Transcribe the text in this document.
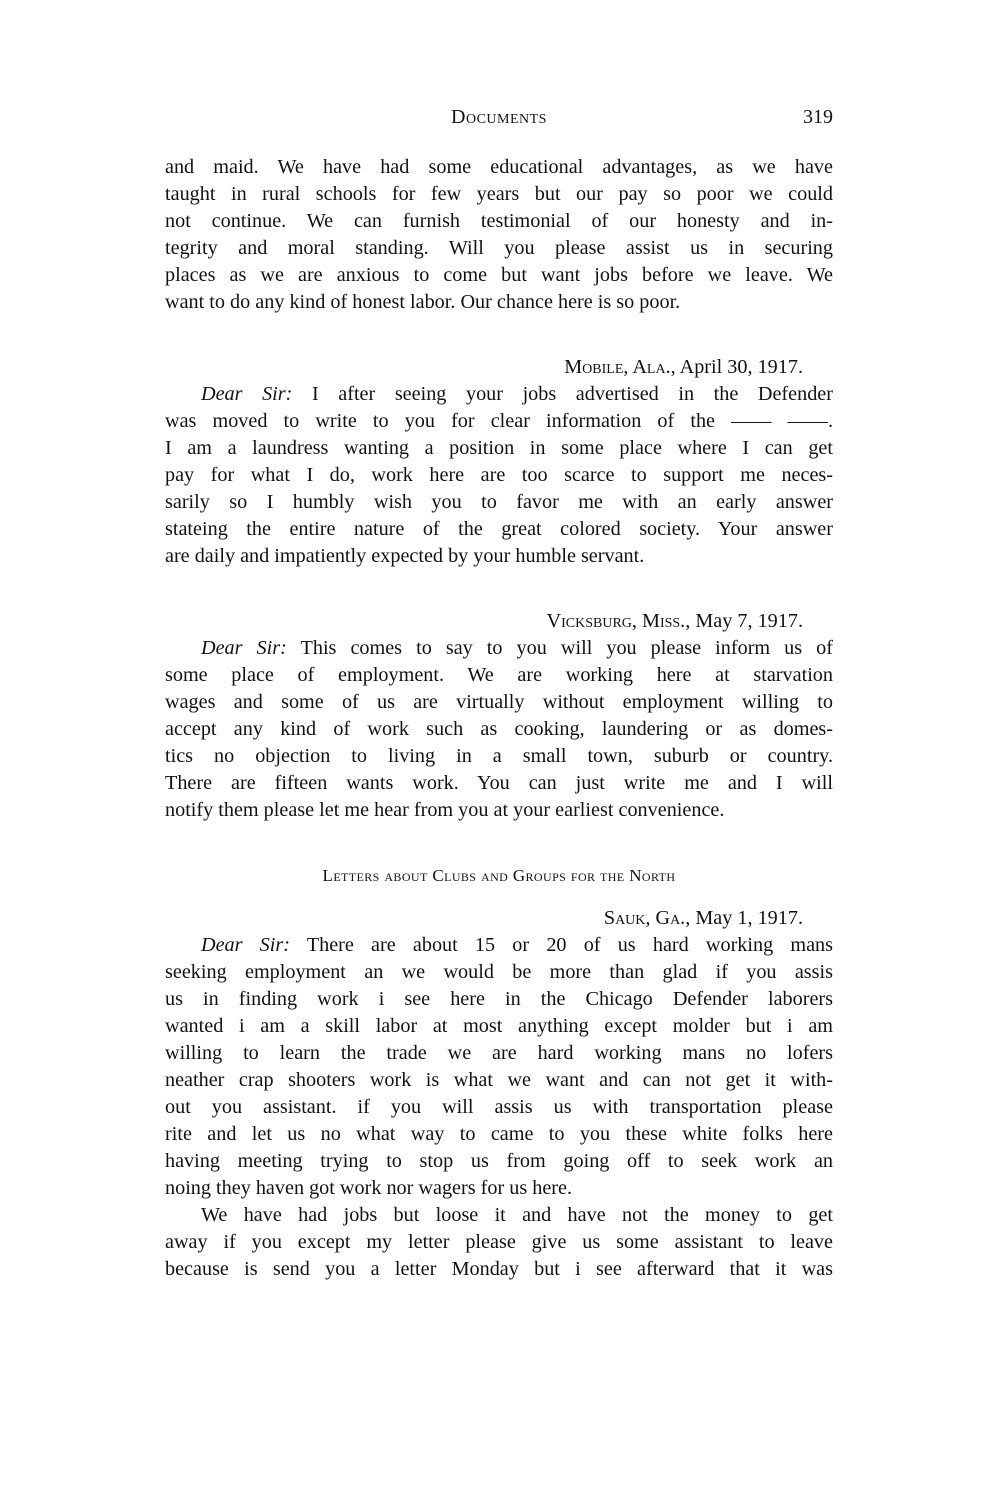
Documents	319
and maid. We have had some educational advantages, as we have
taught in rural schools for few years but our pay so poor we could
not continue. We can furnish testimonial of our honesty and in-
tegrity and moral standing. Will you please assist us in securing
places as we are anxious to come but want jobs before we leave. We
want to do any kind of honest labor. Our chance here is so poor.
Mobile, Ala., April 30, 1917.
Dear Sir: I after seeing your jobs advertised in the Defender
was moved to write to you for clear information of the —— ——.
I am a laundress wanting a position in some place where I can get
pay for what I do, work here are too scarce to support me neces-
sarily so I humbly wish you to favor me with an early answer
stateing the entire nature of the great colored society. Your answer
are daily and impatiently expected by your humble servant.
Vicksburg, Miss., May 7, 1917.
Dear Sir: This comes to say to you will you please inform us of
some place of employment. We are working here at starvation
wages and some of us are virtually without employment willing to
accept any kind of work such as cooking, laundering or as domes-
tics no objection to living in a small town, suburb or country.
There are fifteen wants work. You can just write me and I will
notify them please let me hear from you at your earliest convenience.
Letters about Clubs and Groups for the North
Sauk, Ga., May 1, 1917.
Dear Sir: There are about 15 or 20 of us hard working mans
seeking employment an we would be more than glad if you assis
us in finding work i see here in the Chicago Defender laborers
wanted i am a skill labor at most anything except molder but i am
willing to learn the trade we are hard working mans no lofers
neather crap shooters work is what we want and can not get it with-
out you assistant. if you will assis us with transportation please
rite and let us no what way to came to you these white folks here
having meeting trying to stop us from going off to seek work an
noing they haven got work nor wagers for us here.
We have had jobs but loose it and have not the money to get
away if you except my letter please give us some assistant to leave
because is send you a letter Monday but i see afterward that it was
